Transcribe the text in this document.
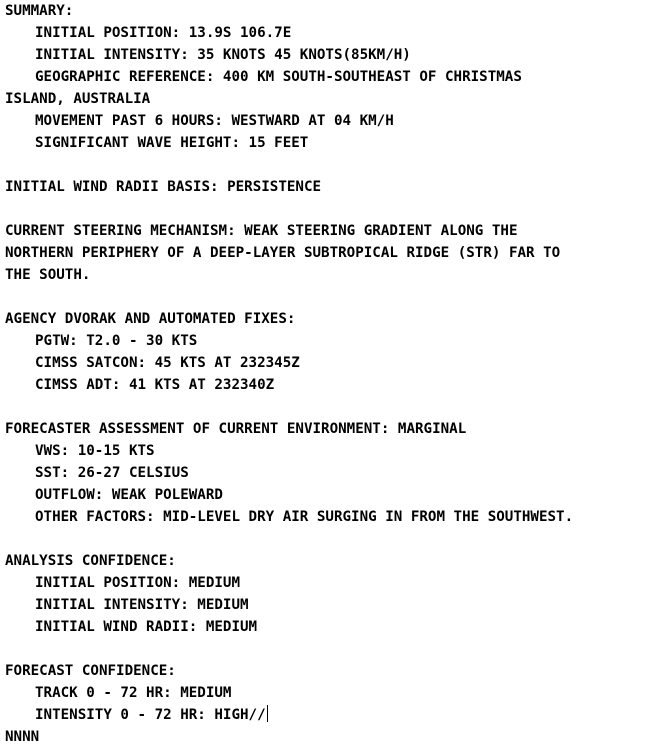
SUMMARY:
INITIAL POSITION: 13.9S 106.7E
INITIAL INTENSITY: 35 KNOTS 45 KNOTS(85KM/H)
GEOGRAPHIC REFERENCE: 400 KM SOUTH-SOUTHEAST OF CHRISTMAS
ISLAND, AUSTRALIA
MOVEMENT PAST 6 HOURS: WESTWARD AT 04 KM/H
SIGNIFICANT WAVE HEIGHT: 15 FEET
INITIAL WIND RADII BASIS: PERSISTENCE
CURRENT STEERING MECHANISM: WEAK STEERING GRADIENT ALONG THE
NORTHERN PERIPHERY OF A DEEP-LAYER SUBTROPICAL RIDGE (STR) FAR TO
THE SOUTH.
AGENCY DVORAK AND AUTOMATED FIXES:
PGTW: T2.0 - 30 KTS
CIMSS SATCON: 45 KTS AT 232345Z
CIMSS ADT: 41 KTS AT 232340Z
FORECASTER ASSESSMENT OF CURRENT ENVIRONMENT: MARGINAL
VWS: 10-15 KTS
SST: 26-27 CELSIUS
OUTFLOW: WEAK POLEWARD
OTHER FACTORS: MID-LEVEL DRY AIR SURGING IN FROM THE SOUTHWEST.
ANALYSIS CONFIDENCE:
INITIAL POSITION: MEDIUM
INITIAL INTENSITY: MEDIUM
INITIAL WIND RADII: MEDIUM
FORECAST CONFIDENCE:
TRACK 0 - 72 HR: MEDIUM
INTENSITY 0 - 72 HR: HIGH//
NNNN
